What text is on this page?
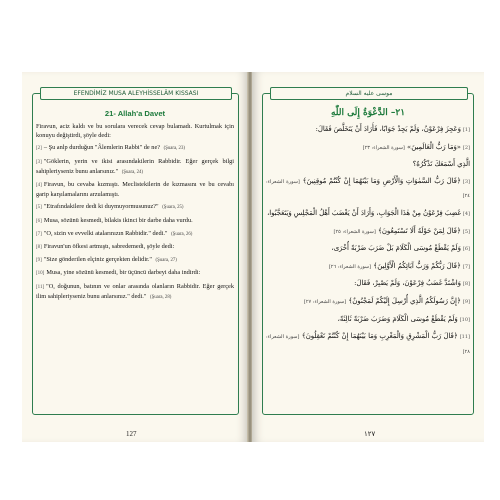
EFENDİMİZ MUSA ALEYHİSSELÂM KISSASI
21- Allah'a Davet
Firavun, aciz kaldı ve bu sorulara verecek cevap bulamadı. Kurtulmak için konuyu değiştirdi, şöyle dedi:
[2] – Şu anlp durduğun "Âlemlerin Rabbi" de ne? (Şuara, 23)
[3] "Göklerin, yerin ve ikisi arasındakilerin Rabbidir. Eğer gerçek bilgi sahipleriyseniz bunu anlarsınız." (Şuara, 24)
[4] Firavun, bu cevaba kızmıştı. Meclistekilerin de kızmasını ve bu cevabı garip karşılamalarını arzulamıştı.
[5] "Etrafındakilere dedi ki duymuyormusunuz?" (Şuara, 25)
[6] Musa, sözünü kesmedi, bilakis ikinci bir darbe daha vurdu.
[7] "O, sizin ve evvelki atalarınızın Rabbidir." dedi." (Şuara, 26)
[8] Firavun'un öfkesi artmıştı, sabredemedi, şöyle dedi:
[9] "Size gönderilen elçiniz gerçekten delidir." (Şuara, 27)
[10] Musa, yine sözünü kesmedi, bir üçüncü darbeyi daha indirdi:
[11] "O, doğunun, batının ve onlar arasında olanların Rabbidir. Eğer gerçek ilim sahipleriyseniz bunu anlarsınız." dedi." (Şuara, 28)
127
موسى عليه السلام
٢١– الدَّعْوَةُ إِلَى اللّٰهِ
[1]وَعَجِزَ فِرْعَوْنُ، وَلَمْ يَجِدْ جَوَابًا، فَأَرَادَ أَنْ يَتَخَلَّصَ فَقَالَ:
[2]«وَمَا رَبُّ الْعَالَمِينَ» [سورة الشعراء: ٢٣]
الَّذِي أَسْمَعَكَ تَذْكُرُهُ؟
[3]﴿قَالَ رَبُّ السَّمٰوَاتِ وَالْأَرْضِ وَمَا بَيْنَهُمَا إِنْ كُنْتُمْ مُوقِنِينَ﴾ [سورة الشعراء: ٢٤]
[4]غَضِبَ فِرْعَوْنُ مِنْ هٰذَا الْجَوَابِ، وَأَرَادَ أَنْ يَغْضَبَ أَهْلُ الْمَجْلِسِ وَيَتَعَجَّبُوا،
[5]﴿قَالَ لِمَنْ حَوْلَهُ أَلَا تَسْتَمِعُونَ﴾ [سورة الشعراء: ٢٥]
[6]وَلَمْ يَقْطَعْ مُوسَى الْكَلَامَ بَلْ ضَرَبَ ضَرْبَةً أُخْرَى،
[7]﴿قَالَ رَبُّكُمْ وَرَبُّ آبَائِكُمُ الْأَوَّلِينَ﴾ [سورة الشعراء: ٢٦]
[8]وَاشْتَدَّ غَضَبُ فِرْعَوْنَ، وَلَمْ يَصْبِرْ، فَقَالَ:
[9]﴿إِنَّ رَسُولَكُمُ الَّذِي أُرْسِلَ إِلَيْكُمْ لَمَجْنُونٌ﴾ [سورة الشعراء: ٢٧]
[10]وَلَمْ يَقْطَعْ مُوسَى الْكَلَامَ وَضَرَبَ ضَرْبَةً ثَالِثَةً،
[11]﴿قَالَ رَبُّ الْمَشْرِقِ وَالْمَغْرِبِ وَمَا بَيْنَهُمَا إِنْ كُنْتُمْ تَعْقِلُونَ﴾ [سورة الشعراء: ٢٨]
١٢٧
